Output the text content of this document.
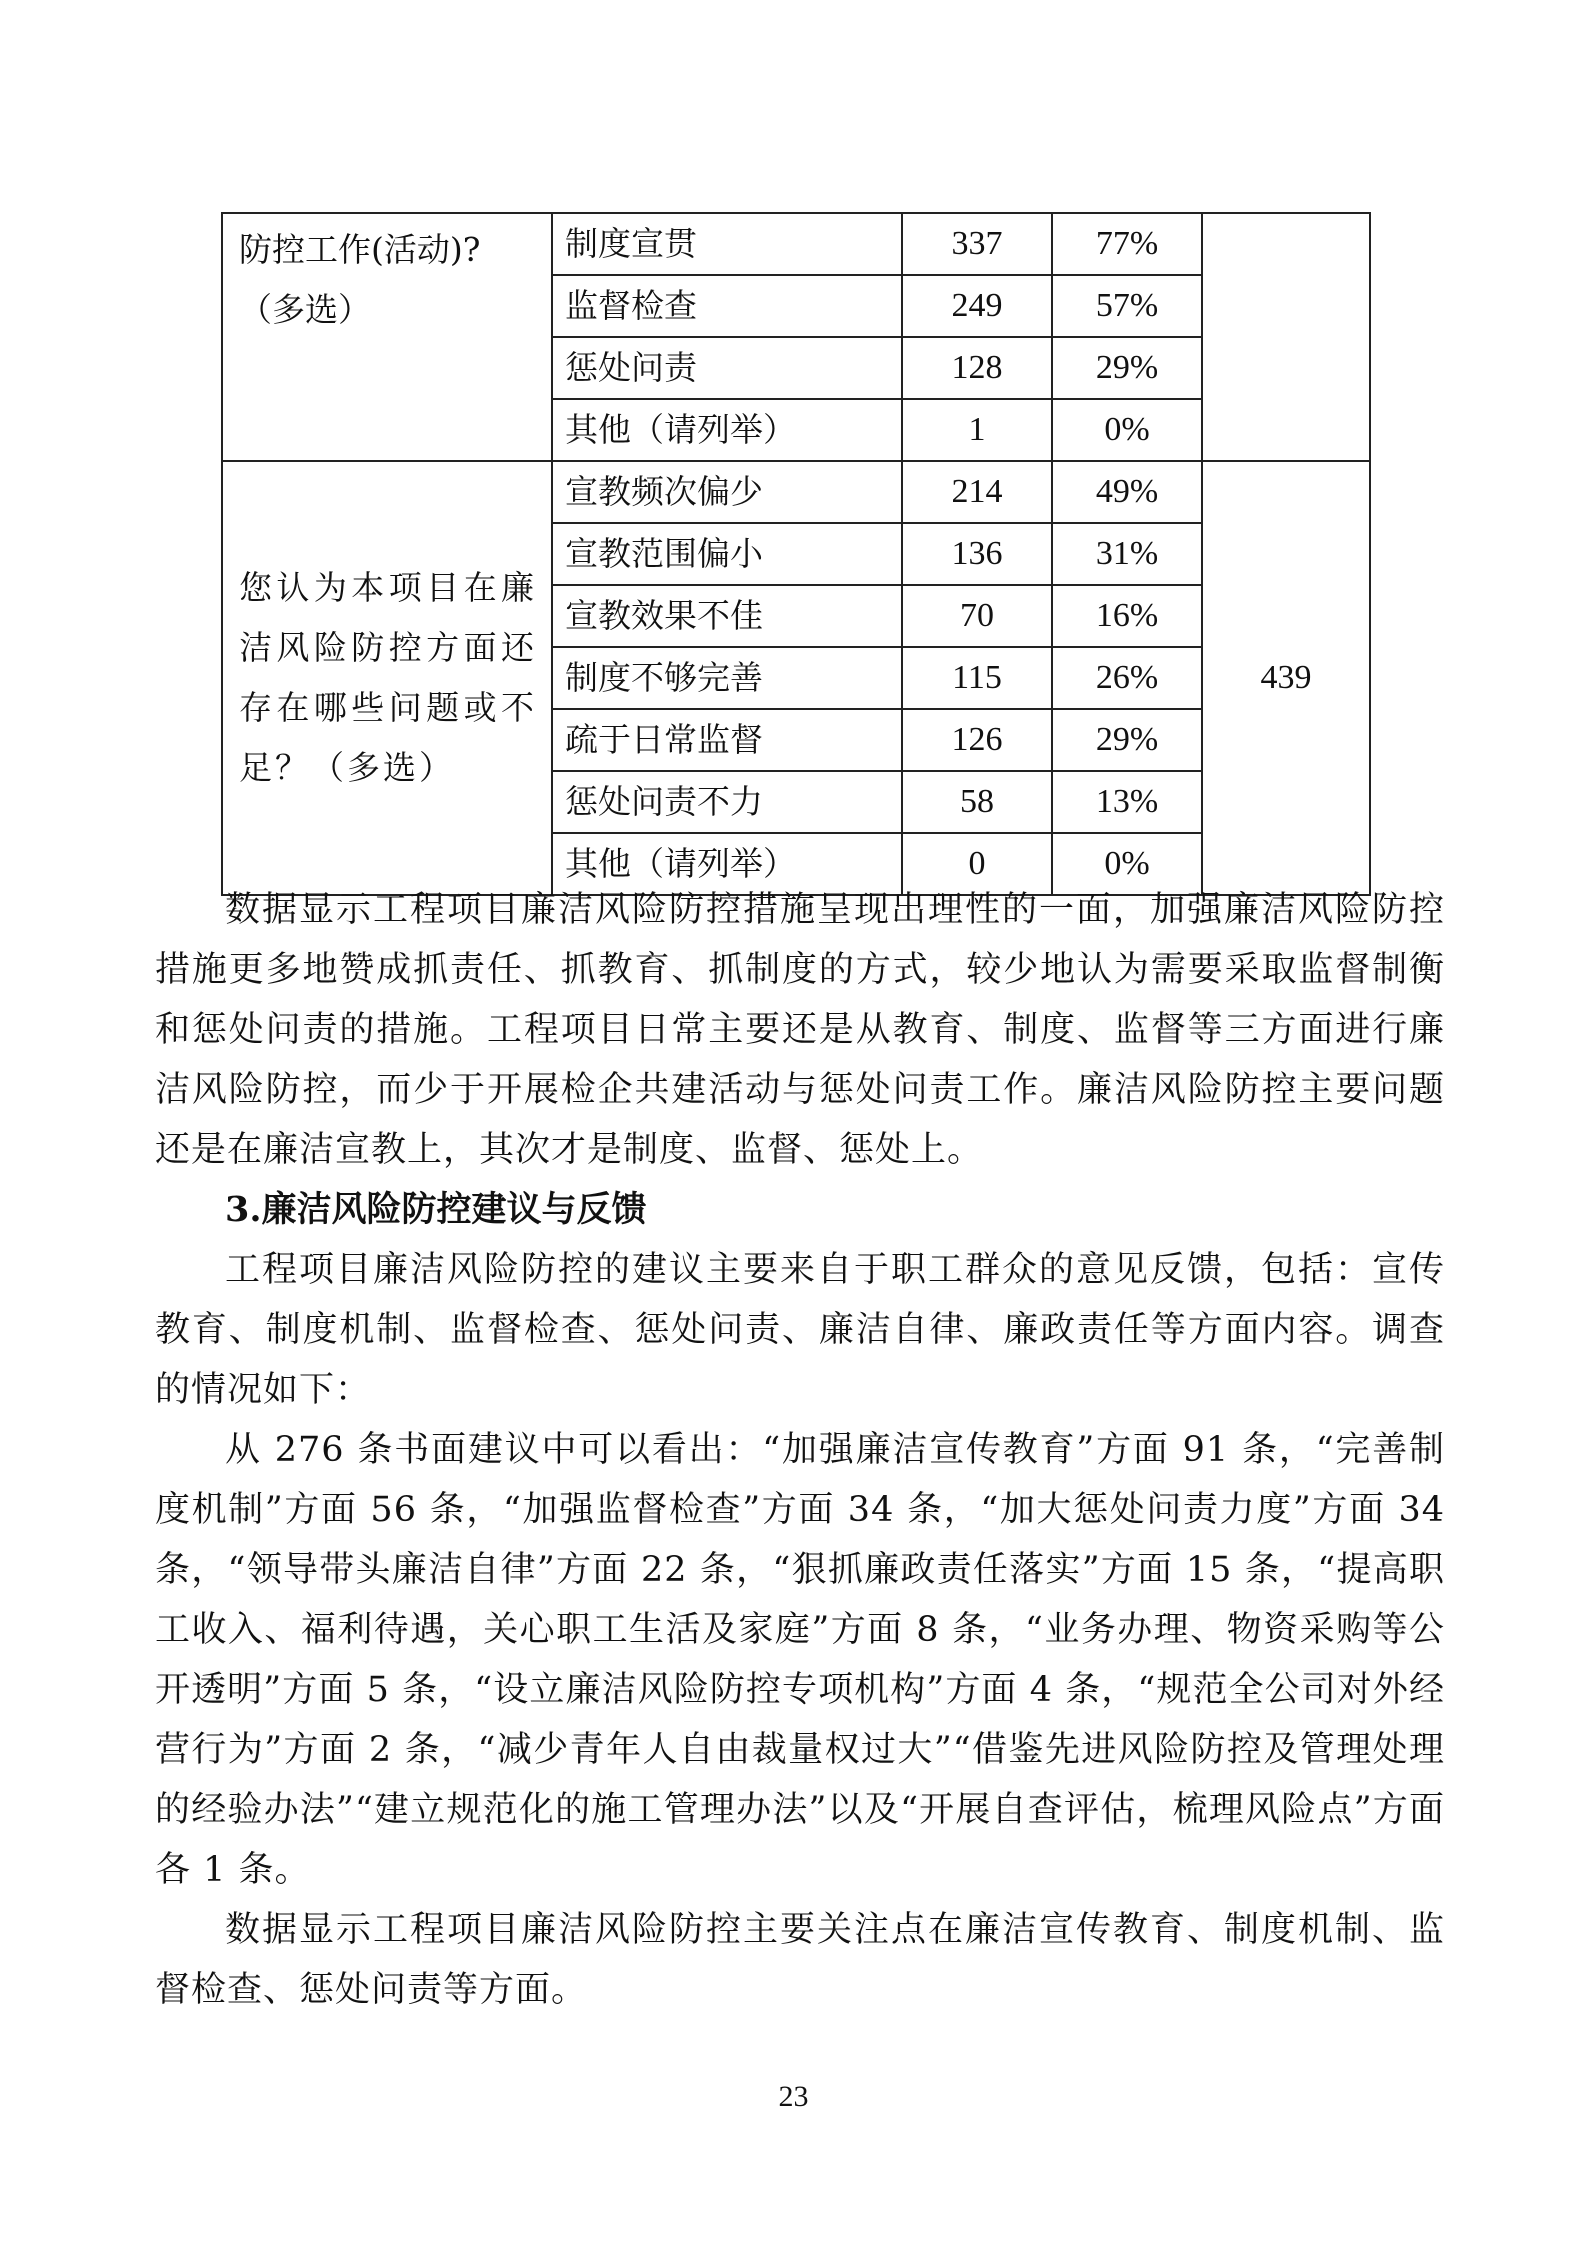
防控工作(活动)?（多选）	制度宣贯	337	77%	
	监督检查	249	57%	
	惩处问责	128	29%	
	其他（请列举）	1	0%	
您认为本项目在廉洁风险防控方面还存在哪些问题或不足？（多选）	宣教频次偏少	214	49%	439
	宣教范围偏小	136	31%	
	宣教效果不佳	70	16%	
	制度不够完善	115	26%	
	疏于日常监督	126	29%	
	惩处问责不力	58	13%	
	其他（请列举）	0	0%	

数据显示工程项目廉洁风险防控措施呈现出理性的一面，加强廉洁风险防控措施更多地赞成抓责任、抓教育、抓制度的方式，较少地认为需要采取监督制衡和惩处问责的措施。工程项目日常主要还是从教育、制度、监督等三方面进行廉洁风险防控，而少于开展检企共建活动与惩处问责工作。廉洁风险防控主要问题还是在廉洁宣教上，其次才是制度、监督、惩处上。

3.廉洁风险防控建议与反馈

工程项目廉洁风险防控的建议主要来自于职工群众的意见反馈，包括：宣传教育、制度机制、监督检查、惩处问责、廉洁自律、廉政责任等方面内容。调查的情况如下：

从 276 条书面建议中可以看出：“加强廉洁宣传教育”方面 91 条，“完善制度机制”方面 56 条，“加强监督检查”方面 34 条，“加大惩处问责力度”方面 34 条，“领导带头廉洁自律”方面 22 条，“狠抓廉政责任落实”方面 15 条，“提高职工收入、福利待遇，关心职工生活及家庭”方面 8 条，“业务办理、物资采购等公开透明”方面 5 条，“设立廉洁风险防控专项机构”方面 4 条，“规范全公司对外经营行为”方面 2 条，“减少青年人自由裁量权过大”“借鉴先进风险防控及管理处理的经验办法”“建立规范化的施工管理办法”以及“开展自查评估，梳理风险点”方面各 1 条。

数据显示工程项目廉洁风险防控主要关注点在廉洁宣传教育、制度机制、监督检查、惩处问责等方面。

23
